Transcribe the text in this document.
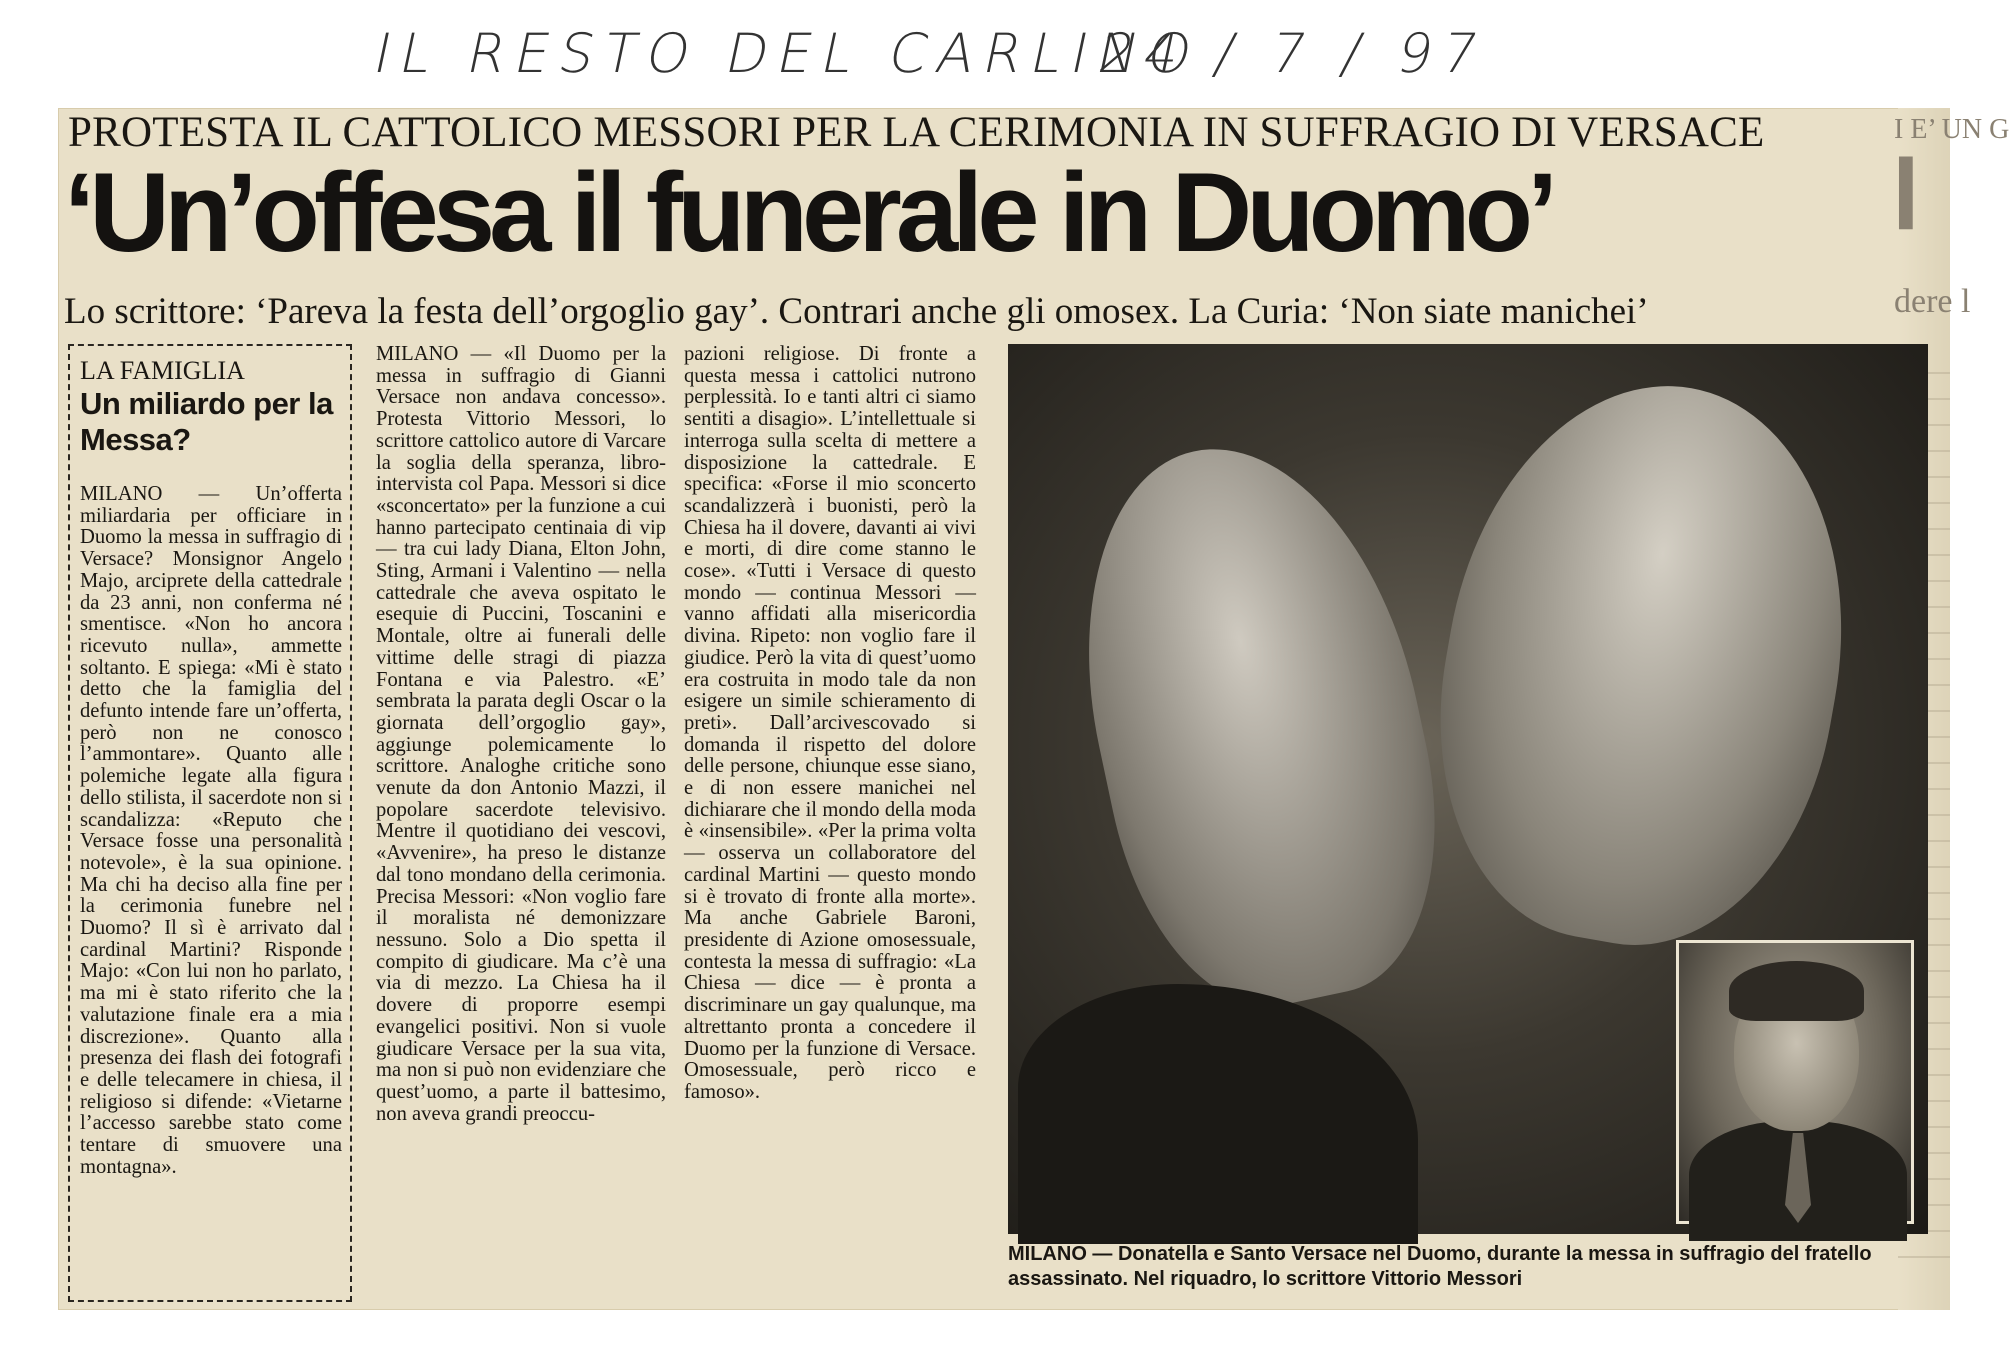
IL RESTO DEL CARLINO
24 / 7 / 97
I E’ UN G
l
dere l
PROTESTA IL CATTOLICO MESSORI PER LA CERIMONIA IN SUFFRAGIO DI VERSACE
‘Un’offesa il funerale in Duomo’
Lo scrittore: ‘Pareva la festa dell’orgoglio gay’. Contrari anche gli omosex. La Curia: ‘Non siate manichei’
LA FAMIGLIA
Un miliardo per la Messa?

MILANO — Un’offerta miliardaria per officiare in Duomo la messa in suffragio di Versace? Monsignor Angelo Majo, arciprete della cattedrale da 23 anni, non conferma né smentisce. «Non ho ancora ricevuto nulla», ammette soltanto. E spiega: «Mi è stato detto che la famiglia del defunto intende fare un’offerta, però non ne conosco l’ammontare». Quanto alle polemiche legate alla figura dello stilista, il sacerdote non si scandalizza: «Reputo che Versace fosse una personalità notevole», è la sua opinione. Ma chi ha deciso alla fine per la cerimonia funebre nel Duomo? Il sì è arrivato dal cardinal Martini? Risponde Majo: «Con lui non ho parlato, ma mi è stato riferito che la valutazione finale era a mia discrezione». Quanto alla presenza dei flash dei fotografi e delle telecamere in chiesa, il religioso si difende: «Vietarne l’accesso sarebbe stato come tentare di smuovere una montagna».

MILANO — «Il Duomo per la messa in suffragio di Gianni Versace non andava concesso». Protesta Vittorio Messori, lo scrittore cattolico autore di Varcare la soglia della speranza, libro-intervista col Papa. Messori si dice «sconcertato» per la funzione a cui hanno partecipato centinaia di vip — tra cui lady Diana, Elton John, Sting, Armani i Valentino — nella cattedrale che aveva ospitato le esequie di Puccini, Toscanini e Montale, oltre ai funerali delle vittime delle stragi di piazza Fontana e via Palestro. «E’ sembrata la parata degli Oscar o la giornata dell’orgoglio gay», aggiunge polemicamente lo scrittore. Analoghe critiche sono venute da don Antonio Mazzi, il popolare sacerdote televisivo. Mentre il quotidiano dei vescovi, «Avvenire», ha preso le distanze dal tono mondano della cerimonia. Precisa Messori: «Non voglio fare il moralista né demonizzare nessuno. Solo a Dio spetta il compito di giudicare. Ma c’è una via di mezzo. La Chiesa ha il dovere di proporre esempi evangelici positivi. Non si vuole giudicare Versace per la sua vita, ma non si può non evidenziare che quest’uomo, a parte il battesimo, non aveva grandi preoccu-

pazioni religiose. Di fronte a questa messa i cattolici nutrono perplessità. Io e tanti altri ci siamo sentiti a disagio». L’intellettuale si interroga sulla scelta di mettere a disposizione la cattedrale. E specifica: «Forse il mio sconcerto scandalizzerà i buonisti, però la Chiesa ha il dovere, davanti ai vivi e morti, di dire come stanno le cose». «Tutti i Versace di questo mondo — continua Messori — vanno affidati alla misericordia divina. Ripeto: non voglio fare il giudice. Però la vita di quest’uomo era costruita in modo tale da non esigere un simile schieramento di preti». Dall’arcivescovado si domanda il rispetto del dolore delle persone, chiunque esse siano, e di non essere manichei nel dichiarare che il mondo della moda è «insensibile». «Per la prima volta — osserva un collaboratore del cardinal Martini — questo mondo si è trovato di fronte alla morte». Ma anche Gabriele Baroni, presidente di Azione omosessuale, contesta la messa di suffragio: «La Chiesa — dice — è pronta a discriminare un gay qualunque, ma altrettanto pronta a concedere il Duomo per la funzione di Versace. Omosessuale, però ricco e famoso».

MILANO — Donatella e Santo Versace nel Duomo, durante la messa in suffragio del fratello assassinato. Nel riquadro, lo scrittore Vittorio Messori
